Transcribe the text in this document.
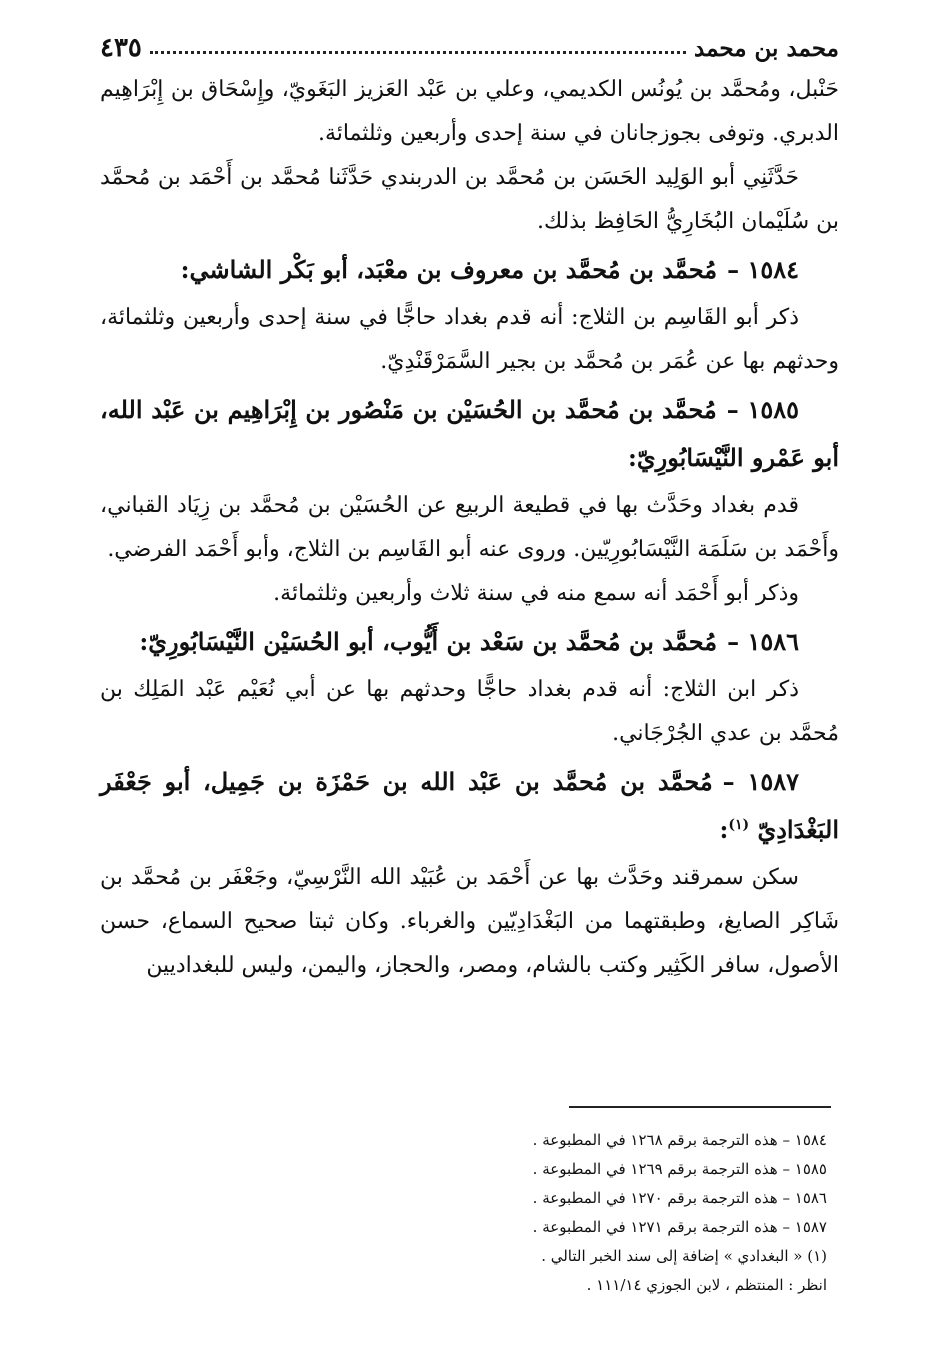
محمد بن محمد
٤٣٥

حَنْبل، ومُحمَّد بن يُونُس الكديمي، وعلي بن عَبْد العَزيز البَغَويّ، وإِسْحَاق بن إِبْرَاهِيم الدبري. وتوفى بجوزجانان في سنة إحدى وأربعين وثلثمائة.

حَدَّثَنِي أبو الوَلِيد الحَسَن بن مُحمَّد بن الدربندي حَدَّثَنا مُحمَّد بن أَحْمَد بن مُحمَّد بن سُلَيْمان البُخَارِيُّ الحَافِظ بذلك.

١٥٨٤ –مُحمَّد بن مُحمَّد بن معروف بن معْبَد، أبو بَكْر الشاشي:

ذكر أبو القَاسِم بن الثلاج: أنه قدم بغداد حاجًّا في سنة إحدى وأربعين وثلثمائة، وحدثهم بها عن عُمَر بن مُحمَّد بن بجير السَّمَرْقَنْدِيّ.

١٥٨٥ –مُحمَّد بن مُحمَّد بن الحُسَيْن بن مَنْصُور بن إِبْرَاهِيم بن عَبْد الله، أبو عَمْرو النَّيْسَابُورِيّ:

قدم بغداد وحَدَّث بها في قطيعة الربيع عن الحُسَيْن بن مُحمَّد بن زِيَاد القباني، وأَحْمَد بن سَلَمَة النَّيْسَابُورِيّين. وروى عنه أبو القَاسِم بن الثلاج، وأبو أَحْمَد الفرضي.

وذكر أبو أَحْمَد أنه سمع منه في سنة ثلاث وأربعين وثلثمائة.

١٥٨٦ –مُحمَّد بن مُحمَّد بن سَعْد بن أَيُّوب، أبو الحُسَيْن النَّيْسَابُورِيّ:

ذكر ابن الثلاج: أنه قدم بغداد حاجًّا وحدثهم بها عن أبي نُعَيْم عَبْد المَلِك بن مُحمَّد بن عدي الجُرْجَاني.

١٥٨٧ –مُحمَّد بن مُحمَّد بن عَبْد الله بن حَمْزَة بن جَمِيل، أبو جَعْفَر البَغْدَادِيّ $^{(١)}$:

سكن سمرقند وحَدَّث بها عن أَحْمَد بن عُبَيْد الله النَّرْسِيّ، وجَعْفَر بن مُحمَّد بن شَاكِر الصايغ، وطبقتهما من البَغْدَادِيّين والغرباء. وكان ثبتا صحيح السماع، حسن الأصول، سافر الكَثِير وكتب بالشام، ومصر، والحجاز، واليمن، وليس للبغداديين

١٥٨٤ – هذه الترجمة برقم ١٢٦٨ في المطبوعة .

١٥٨٥ – هذه الترجمة برقم ١٢٦٩ في المطبوعة .

١٥٨٦ – هذه الترجمة برقم ١٢٧٠ في المطبوعة .

١٥٨٧ – هذه الترجمة برقم ١٢٧١ في المطبوعة .

(١) « البغدادي » إضافة إلى سند الخبر التالي .

انظر : المنتظم ، لابن الجوزي ١١١/١٤ .
